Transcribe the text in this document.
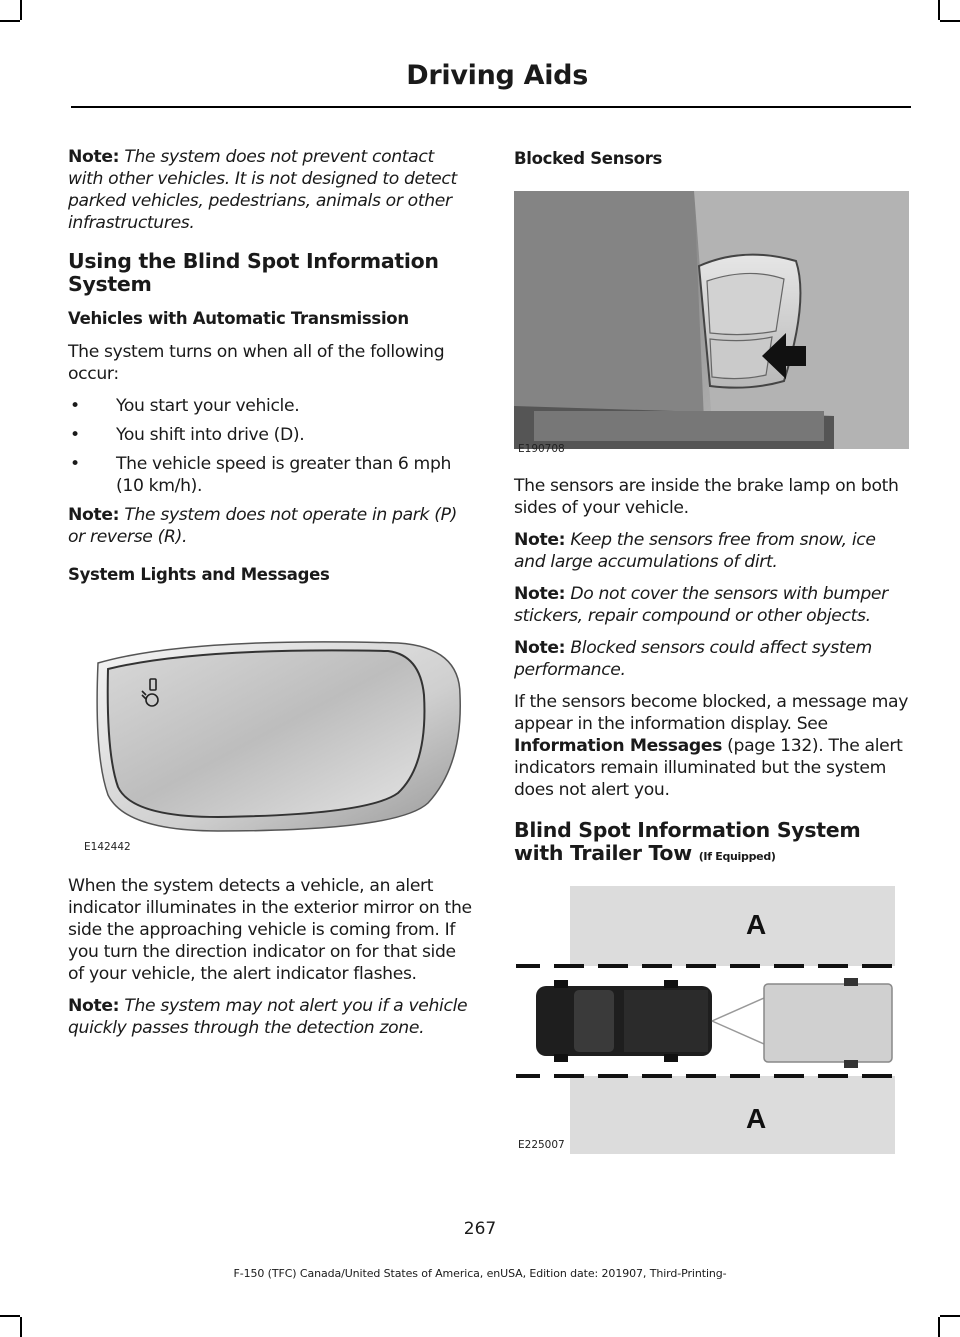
Driving Aids

Note: The system does not prevent contact with other vehicles. It is not designed to detect parked vehicles, pedestrians, animals or other infrastructures.

Using the Blind Spot Information System
Vehicles with Automatic Transmission

The system turns on when all of the following occur:

• You start your vehicle.
• You shift into drive (D).
• The vehicle speed is greater than 6 mph (10 km/h).

Note: The system does not operate in park (P) or reverse (R).

System Lights and Messages
E142442

When the system detects a vehicle, an alert indicator illuminates in the exterior mirror on the side the approaching vehicle is coming from. If you turn the direction indicator on for that side of your vehicle, the alert indicator flashes.

Note: The system may not alert you if a vehicle quickly passes through the detection zone.

Blocked Sensors
E190708

The sensors are inside the brake lamp on both sides of your vehicle.

Note: Keep the sensors free from snow, ice and large accumulations of dirt.

Note: Do not cover the sensors with bumper stickers, repair compound or other objects.

Note: Blocked sensors could affect system performance.

If the sensors become blocked, a message may appear in the information display. See Information Messages (page 132). The alert indicators remain illuminated but the system does not alert you.

Blind Spot Information System with Trailer Tow (If Equipped)
A
A
E225007
267
F-150 (TFC) Canada/United States of America, enUSA, Edition date: 201907, Third-Printing-
